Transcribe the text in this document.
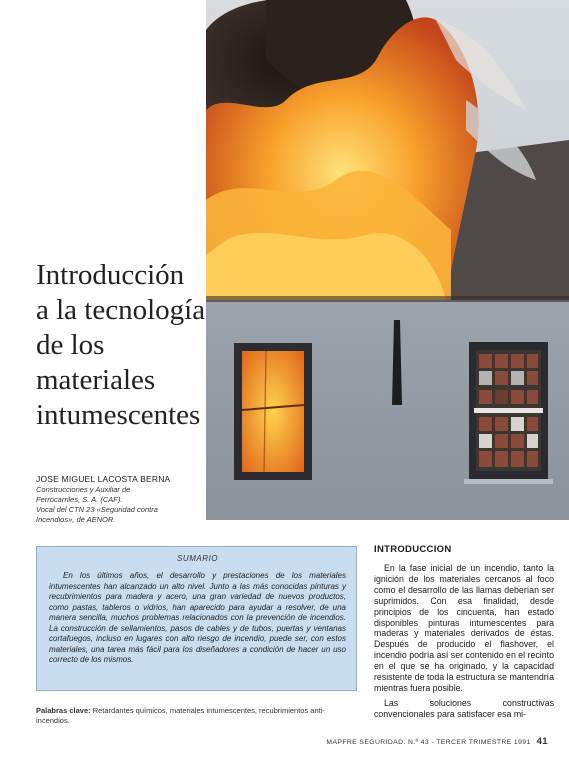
Introducción
a la tecnología
de los
materiales
intumescentes
JOSE MIGUEL LACOSTA BERNA
Construcciones y Auxiliar de
Ferrocarriles, S. A. (CAF).
Vocal del CTN 23 «Seguridad contra
Incendios», de AENOR.
SUMARIO
En los últimos años, el desarrollo y prestaciones de los materiales intumescentes han alcanzado un alto nivel. Junto a las más conocidas pinturas y recubrimientos para madera y acero, una gran variedad de nuevos productos, como pastas, tableros o vidrios, han aparecido para ayudar a resolver, de una manera sencilla, muchos problemas relacionados con la prevención de incendios. La construcción de sellamientos, pasos de cables y de tubos, puertas y ventanas cortafuegos, incluso en lugares con alto riesgo de incendio, puede ser, con estos materiales, una tarea más fácil para los diseñadores a condición de hacer un uso correcto de los mismos.
Palabras clave: Retardantes químicos, materiales intumescentes, recubrimientos anti-incendios.
INTRODUCCION

En la fase inicial de un incendio, tanto la ignición de los materiales cercanos al foco como el desarrollo de las llamas deberían ser suprimidos. Con esa finalidad, desde principios de los cincuenta, han estado disponibles pinturas intumescentes para maderas y materiales derivados de éstas. Después de producido el flashover, el incendio podría así ser contenido en el recinto en el que se ha originado, y la capacidad resistente de toda la estructura se mantendría mientras fuera posible.

Las soluciones constructivas convencionales para satisfacer esa mi-

MAPFRE SEGURIDAD. N.º 43 - TERCER TRIMESTRE 1991 41
